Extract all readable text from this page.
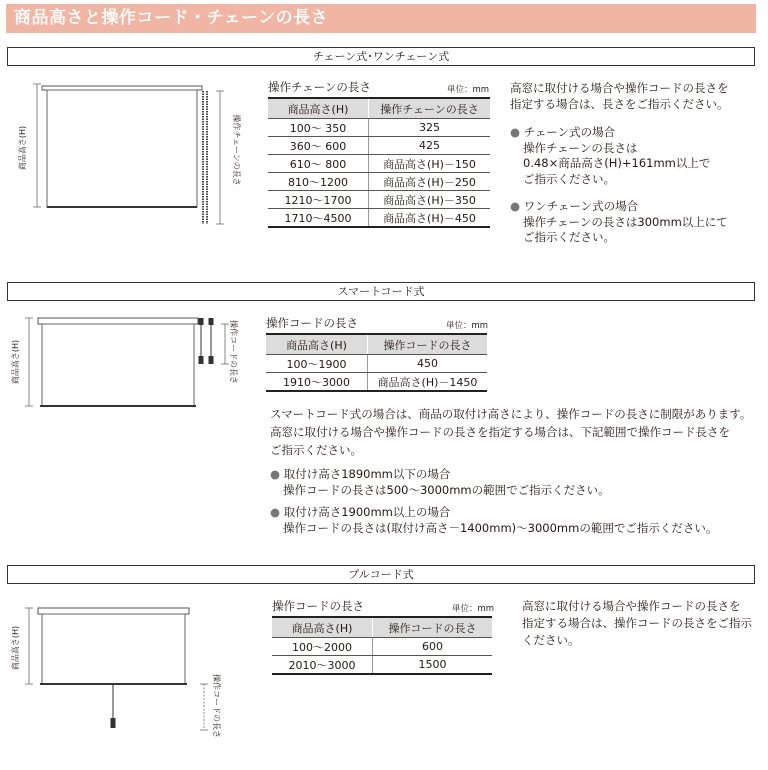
商品高さと操作コード・チェーンの長さ
チェーン式･ワンチェーン式
商品高さ(H)	操作チェーンの長さ
商品高さ(H)	操作コードの長さ
商品高さ(H)
操作コードの長さ
操作チェーンの長さ	単位：mm
商品高さ(H)	操作チェーンの長さ
100～ 350	325
360～ 600	425
610～ 800	商品高さ(H)－150
810～1200	商品高さ(H)－250
1210～1700	商品高さ(H)－350
1710～4500	商品高さ(H)－450
高窓に取付ける場合や操作コードの長さを
指定する場合は、長さをご指示ください。
● チェーン式の場合
操作チェーンの長さは
0.48×商品高さ(H)+161mm以上で
ご指示ください。
● ワンチェーン式の場合
操作チェーンの長さは300mm以上にて
ご指示ください。
スマートコード式
操作コードの長さ	単位：mm
商品高さ(H)	操作コードの長さ
100～1900	450
1910～3000	商品高さ(H)－1450
スマートコード式の場合は、商品の取付け高さにより、操作コードの長さに制限があります。
高窓に取付ける場合や操作コードの長さを指定する場合は、下記範囲で操作コード長さを
ご指示ください。
● 取付け高さ1890mm以下の場合
操作コードの長さは500～3000mmの範囲でご指示ください。
● 取付け高さ1900mm以上の場合
操作コードの長さは(取付け高さ－1400mm)～3000mmの範囲でご指示ください。
プルコード式
操作コードの長さ	単位：mm
商品高さ(H)	操作コードの長さ
100～2000	600
2010～3000	1500
高窓に取付ける場合や操作コードの長さを
指定する場合は、操作コードの長さをご指示
ください。
